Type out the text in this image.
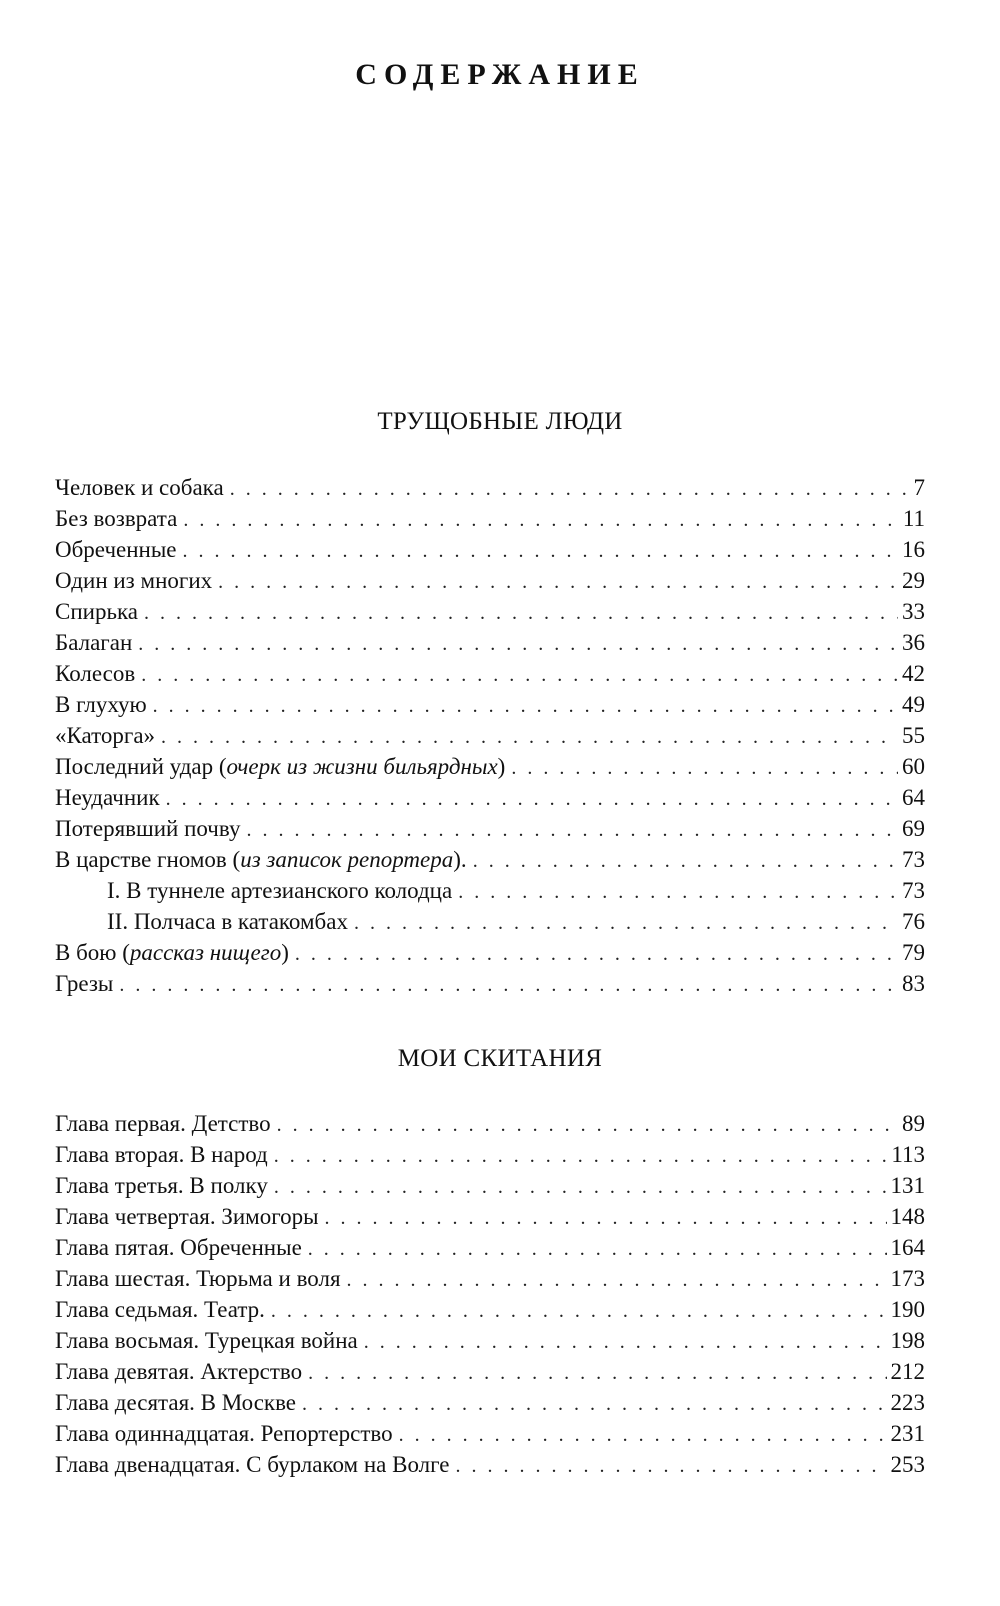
СОДЕРЖАНИЕ
ТРУЩОБНЫЕ ЛЮДИ
Человек и собака . . .	7
Без возврата . . .	11
Обреченные . . .	16
Один из многих . . .	29
Спирька . . .	33
Балаган . . .	36
Колесов . . .	42
В глухую . . .	49
«Каторга» . . .	55
Последний удар (очерк из жизни бильярдных) . . .	60
Неудачник . . .	64
Потерявший почву . . .	69
В царстве гномов (из записок репортера). . . .	73
I. В туннеле артезианского колодца . . .	73
II. Полчаса в катакомбах . . .	76
В бою (рассказ нищего) . . .	79
Грезы . . .	83
МОИ СКИТАНИЯ
Глава первая. Детство . . .	89
Глава вторая. В народ . . .	113
Глава третья. В полку . . .	131
Глава четвертая. Зимогоры . . .	148
Глава пятая. Обреченные . . .	164
Глава шестая. Тюрьма и воля . . .	173
Глава седьмая. Театр. . . .	190
Глава восьмая. Турецкая война . . .	198
Глава девятая. Актерство . . .	212
Глава десятая. В Москве . . .	223
Глава одиннадцатая. Репортерство . . .	231
Глава двенадцатая. С бурлаком на Волге . . .	253
